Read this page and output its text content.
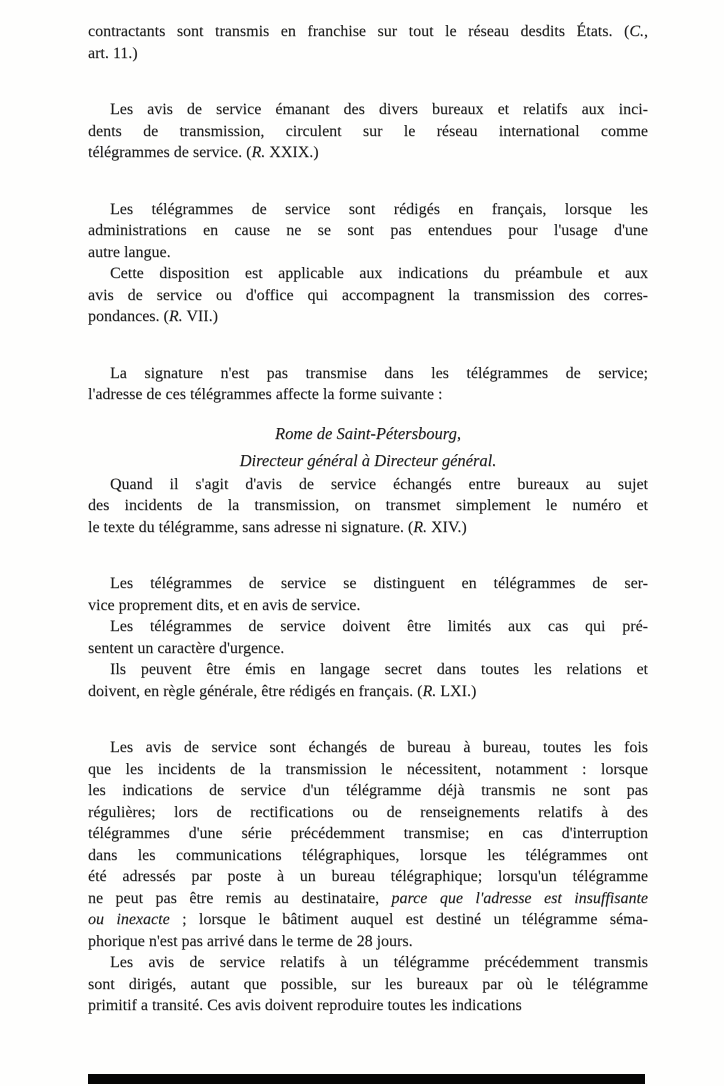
contractants sont transmis en franchise sur tout le réseau desdits États. (C.,
art. 11.)
Les avis de service émanant des divers bureaux et relatifs aux inci-
dents de transmission, circulent sur le réseau international comme
télégrammes de service. (R. XXIX.)
Les télégrammes de service sont rédigés en français, lorsque les
administrations en cause ne se sont pas entendues pour l'usage d'une
autre langue.
Cette disposition est applicable aux indications du préambule et aux
avis de service ou d'office qui accompagnent la transmission des corres-
pondances. (R. VII.)
La signature n'est pas transmise dans les télégrammes de service;
l'adresse de ces télégrammes affecte la forme suivante :
Rome de Saint-Pétersbourg,
Directeur général à Directeur général.
Quand il s'agit d'avis de service échangés entre bureaux au sujet
des incidents de la transmission, on transmet simplement le numéro et
le texte du télégramme, sans adresse ni signature. (R. XIV.)
Les télégrammes de service se distinguent en télégrammes de ser-
vice proprement dits, et en avis de service.
Les télégrammes de service doivent être limités aux cas qui pré-
sentent un caractère d'urgence.
Ils peuvent être émis en langage secret dans toutes les relations et
doivent, en règle générale, être rédigés en français. (R. LXI.)
Les avis de service sont échangés de bureau à bureau, toutes les fois
que les incidents de la transmission le nécessitent, notamment : lorsque
les indications de service d'un télégramme déjà transmis ne sont pas
régulières; lors de rectifications ou de renseignements relatifs à des
télégrammes d'une série précédemment transmise; en cas d'interruption
dans les communications télégraphiques, lorsque les télégrammes ont
été adressés par poste à un bureau télégraphique; lorsqu'un télégramme
ne peut pas être remis au destinataire, parce que l'adresse est insuffisante
ou inexacte ; lorsque le bâtiment auquel est destiné un télégramme séma-
phorique n'est pas arrivé dans le terme de 28 jours.
Les avis de service relatifs à un télégramme précédemment transmis
sont dirigés, autant que possible, sur les bureaux par où le télégramme
primitif a transité. Ces avis doivent reproduire toutes les indications
